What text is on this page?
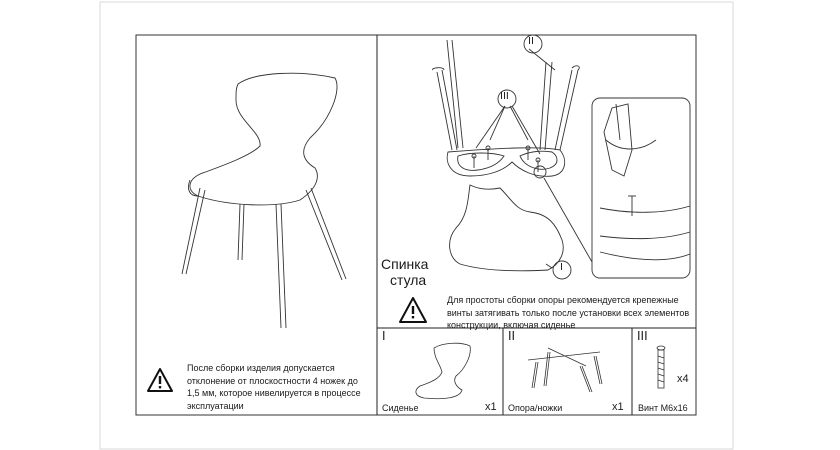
После сборки изделия допускается отклонение от плоскостности 4 ножек до 1,5 мм, которое нивелируется в процессе эксплуатации
Для простоты сборки опоры рекомендуется крепежные винты затягивать только после установки всех элементов конструкции, включая сиденье
Спинка
стула
II
III
I
I
Сиденье	x1
II
Опора/ножки	x1
III
Винт М6х16
x4
